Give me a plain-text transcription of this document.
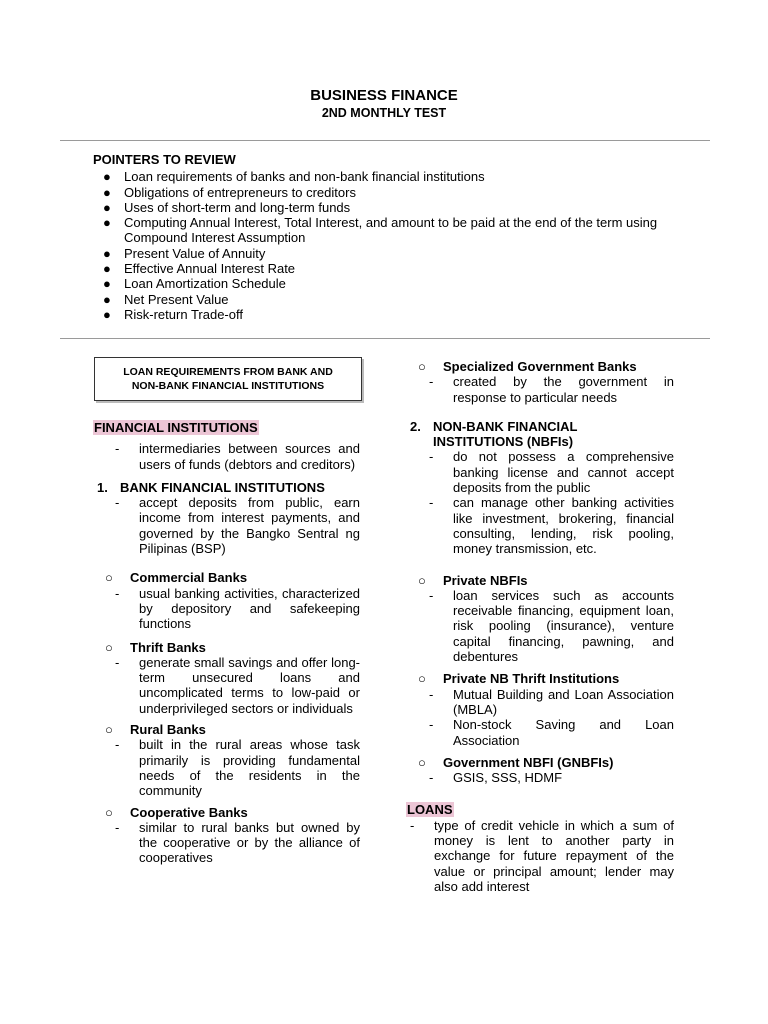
BUSINESS FINANCE
2ND MONTHLY TEST
POINTERS TO REVIEW
● Loan requirements of banks and non-bank financial institutions
● Obligations of entrepreneurs to creditors
● Uses of short-term and long-term funds
● Computing Annual Interest, Total Interest, and amount to be paid at the end of the term using Compound Interest Assumption
● Present Value of Annuity
● Effective Annual Interest Rate
● Loan Amortization Schedule
● Net Present Value
● Risk-return Trade-off
LOAN REQUIREMENTS FROM BANK AND
NON-BANK FINANCIAL INSTITUTIONS
FINANCIAL INSTITUTIONS
- intermediaries between sources and users of funds (debtors and creditors)
1. BANK FINANCIAL INSTITUTIONS
- accept deposits from public, earn income from interest payments, and governed by the Bangko Sentral ng Pilipinas (BSP)
○ Commercial Banks
- usual banking activities, characterized by depository and safekeeping functions
○ Thrift Banks
- generate small savings and offer long-term unsecured loans and uncomplicated terms to low-paid or underprivileged sectors or individuals
○ Rural Banks
- built in the rural areas whose task primarily is providing fundamental needs of the residents in the community
○ Cooperative Banks
- similar to rural banks but owned by the cooperative or by the alliance of cooperatives
○ Specialized Government Banks
- created by the government in response to particular needs
2. NON-BANK FINANCIAL
INSTITUTIONS (NBFIs)
- do not possess a comprehensive banking license and cannot accept deposits from the public
- can manage other banking activities like investment, brokering, financial consulting, lending, risk pooling, money transmission, etc.
○ Private NBFIs
- loan services such as accounts receivable financing, equipment loan, risk pooling (insurance), venture capital financing, pawning, and debentures
○ Private NB Thrift Institutions
- Mutual Building and Loan Association (MBLA)
- Non-stock Saving and Loan Association
○ Government NBFI (GNBFIs)
- GSIS, SSS, HDMF
LOANS
- type of credit vehicle in which a sum of money is lent to another party in exchange for future repayment of the value or principal amount; lender may also add interest
